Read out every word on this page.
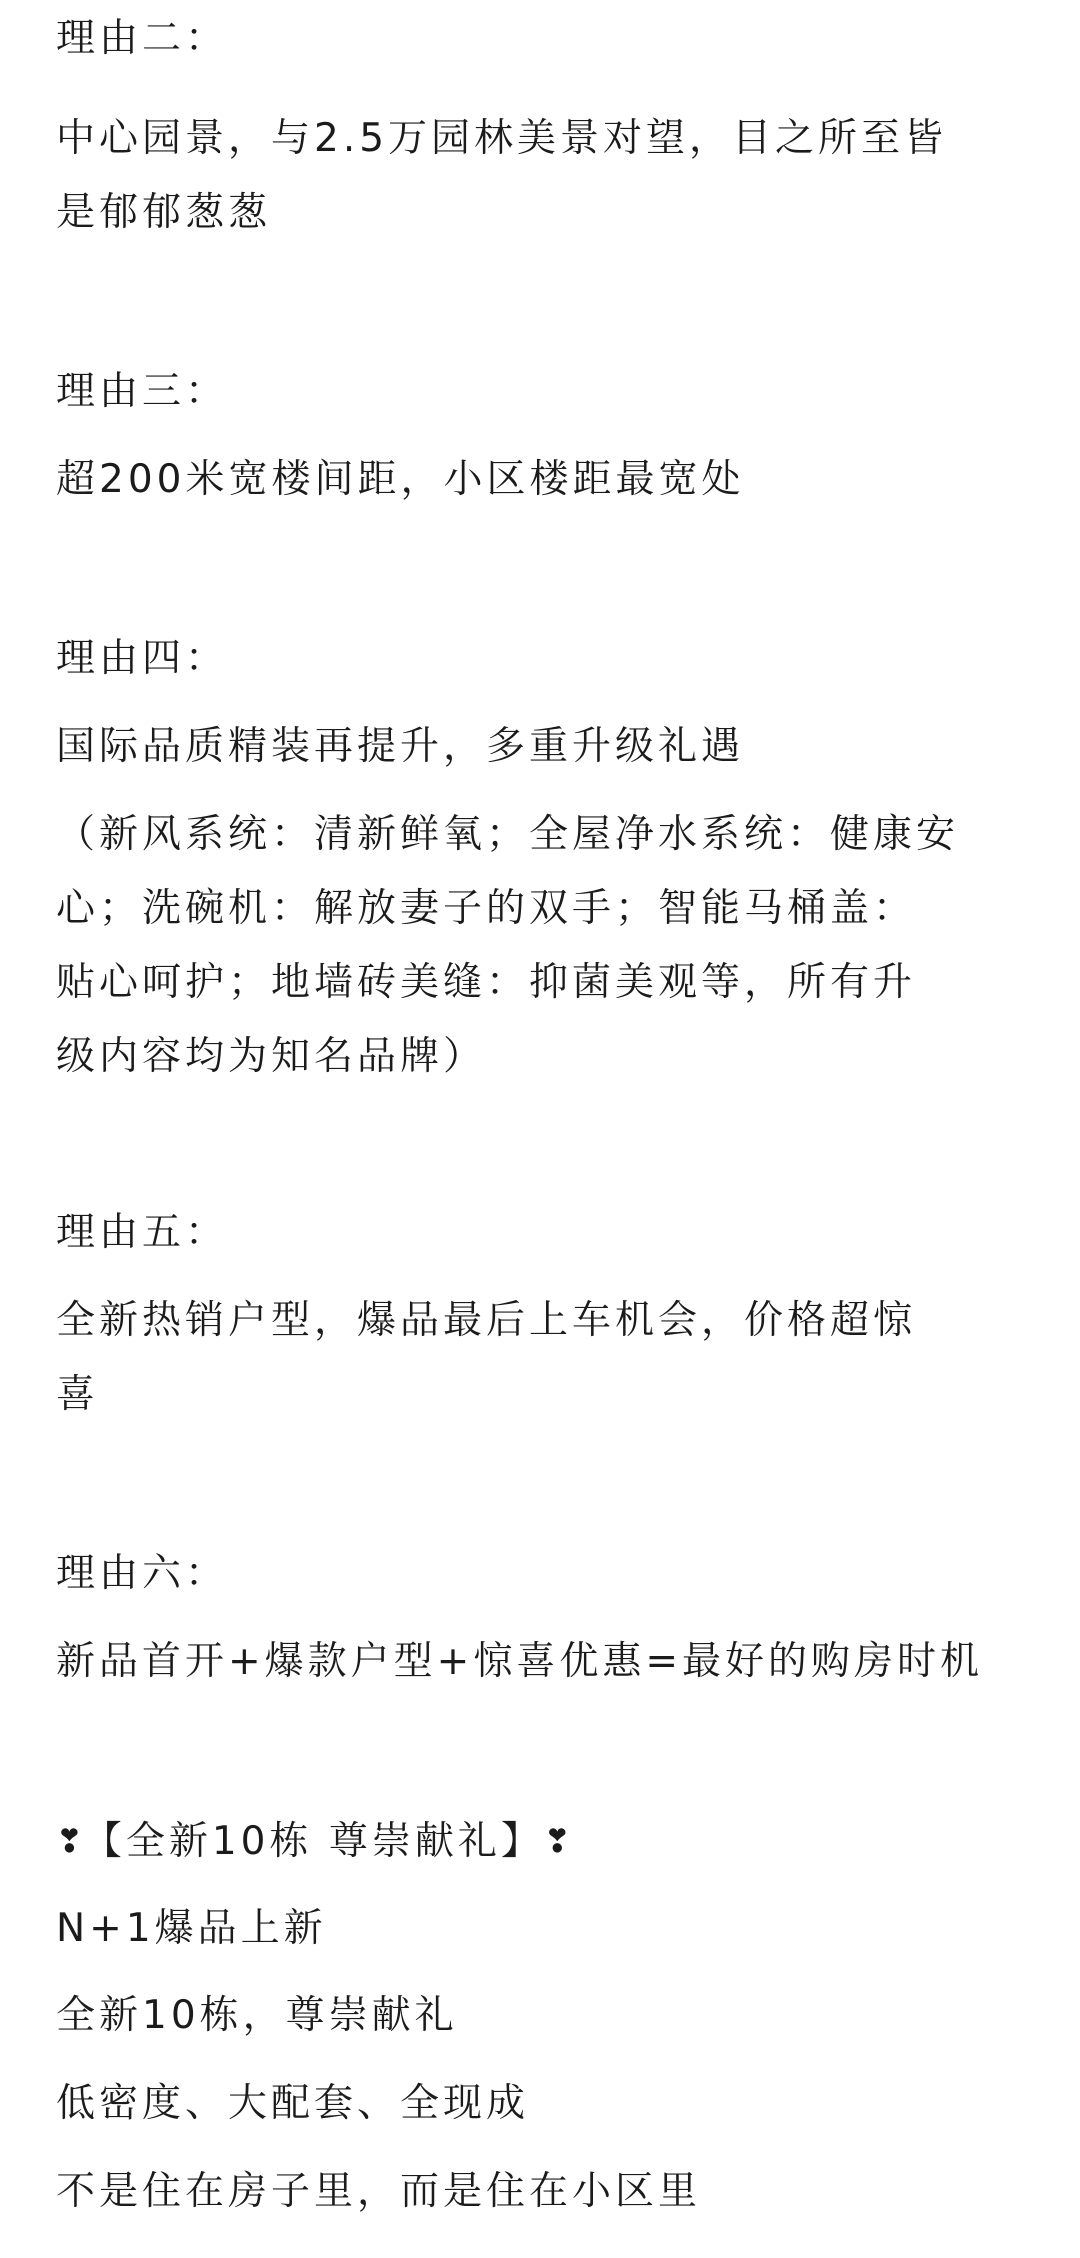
理由二：
中心园景，与2.5万园林美景对望，目之所至皆
是郁郁葱葱
理由三：
超200米宽楼间距，小区楼距最宽处
理由四：
国际品质精装再提升，多重升级礼遇
（新风系统：清新鲜氧；全屋净水系统：健康安
心；洗碗机：解放妻子的双手；智能马桶盖：
贴心呵护；地墙砖美缝：抑菌美观等，所有升
级内容均为知名品牌）
理由五：
全新热销户型，爆品最后上车机会，价格超惊
喜
理由六：
新品首开+爆款户型+惊喜优惠=最好的购房时机
❣【全新10栋 尊崇献礼】❣
N+1爆品上新
全新10栋，尊崇献礼
低密度、大配套、全现成
不是住在房子里，而是住在小区里
